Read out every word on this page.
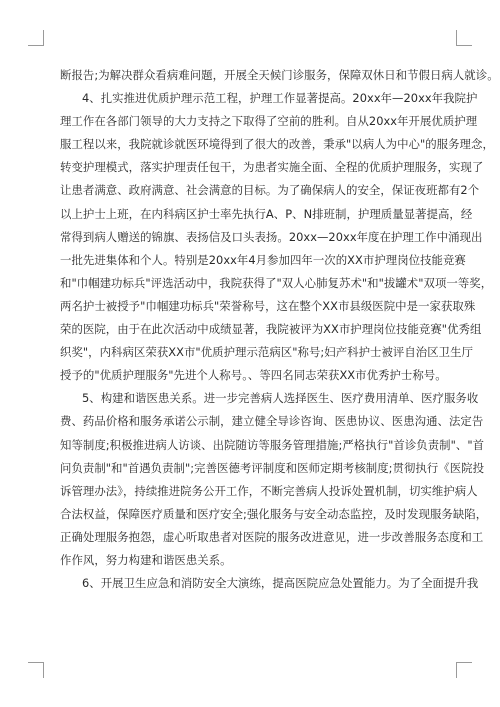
断报告;为解决群众看病难问题，开展全天候门诊服务，保障双休日和节假日病人就诊。
4、扎实推进优质护理示范工程，护理工作显著提高。20xx年—20xx年我院护
理工作在各部门领导的大力支持之下取得了空前的胜利。自从20xx年开展优质护理
服工程以来，我院就诊就医环境得到了很大的改善，秉承"以病人为中心"的服务理念，
转变护理模式，落实护理责任包干，为患者实施全面、全程的优质护理服务，实现了
让患者满意、政府满意、社会满意的目标。为了确保病人的安全，保证夜班都有2个
以上护士上班，在内科病区护士率先执行A、P、N排班制，护理质量显著提高，经
常得到病人赠送的锦旗、表扬信及口头表扬。20xx—20xx年度在护理工作中涌现出
一批先进集体和个人。特别是20xx年4月参加四年一次的XX市护理岗位技能竞赛
和"巾帼建功标兵"评选活动中，我院获得了"双人心肺复苏术"和"拔罐术"双项一等奖，
两名护士被授予"巾帼建功标兵"荣誉称号，这在整个XX市县级医院中是一家获取殊
荣的医院，由于在此次活动中成绩显著，我院被评为XX市护理岗位技能竞赛"优秀组
织奖"，内科病区荣获XX市"优质护理示范病区"称号;妇产科护士被评自治区卫生厅
授予的"优质护理服务"先进个人称号。、等四名同志荣获XX市优秀护士称号。
5、构建和谐医患关系。进一步完善病人选择医生、医疗费用清单、医疗服务收
费、药品价格和服务承诺公示制，建立健全导诊咨询、医患协议、医患沟通、法定告
知等制度;积极推进病人访谈、出院随访等服务管理措施;严格执行"首诊负责制"、"首
问负责制"和"首遇负责制";完善医德考评制度和医师定期考核制度;贯彻执行《医院投
诉管理办法》，持续推进院务公开工作，不断完善病人投诉处置机制，切实维护病人
合法权益，保障医疗质量和医疗安全;强化服务与安全动态监控，及时发现服务缺陷，
正确处理服务抱怨，虚心听取患者对医院的服务改进意见，进一步改善服务态度和工
作作风，努力构建和谐医患关系。
6、开展卫生应急和消防安全大演练，提高医院应急处置能力。为了全面提升我
